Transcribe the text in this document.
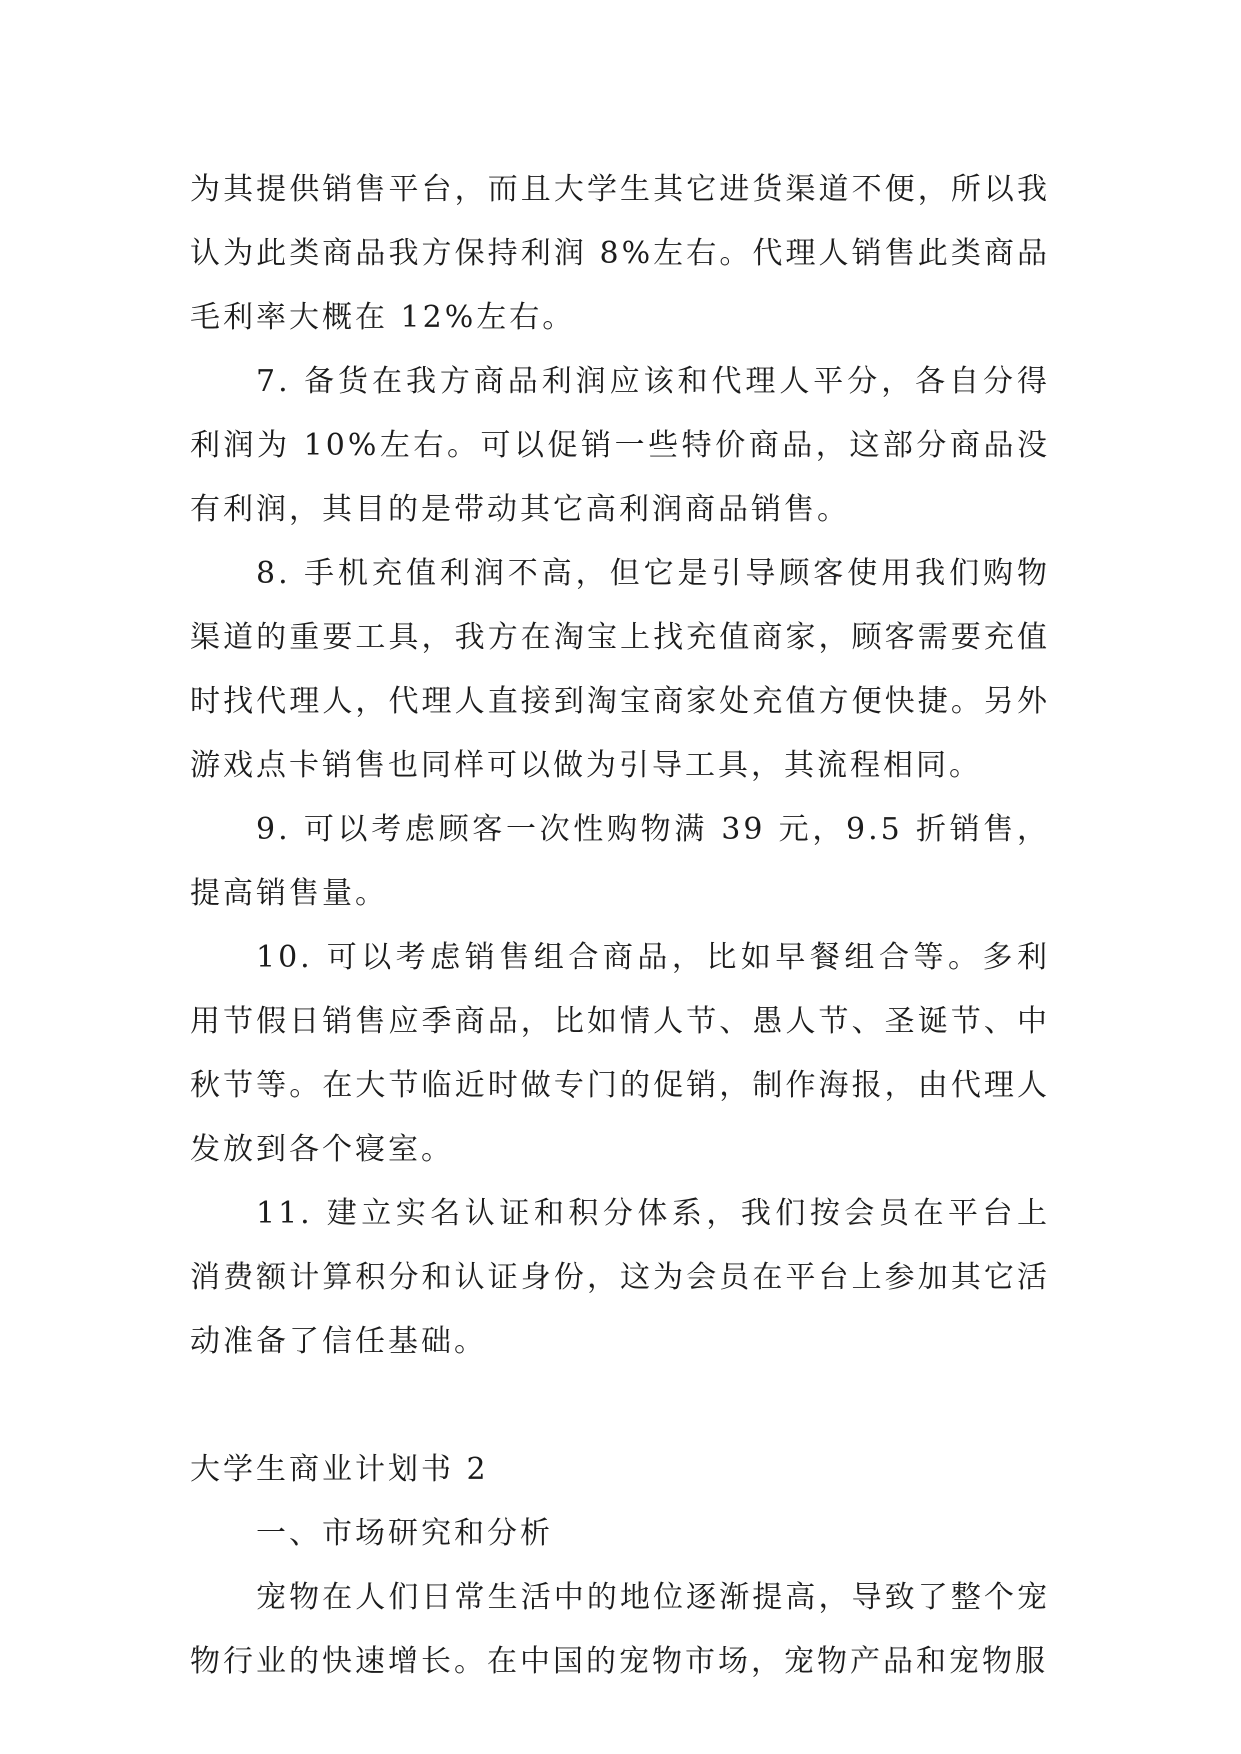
为其提供销售平台，而且大学生其它进货渠道不便，所以我认为此类商品我方保持利润 8%左右。代理人销售此类商品毛利率大概在 12%左右。

7. 备货在我方商品利润应该和代理人平分，各自分得利润为 10%左右。可以促销一些特价商品，这部分商品没有利润，其目的是带动其它高利润商品销售。

8. 手机充值利润不高，但它是引导顾客使用我们购物渠道的重要工具，我方在淘宝上找充值商家，顾客需要充值时找代理人，代理人直接到淘宝商家处充值方便快捷。另外游戏点卡销售也同样可以做为引导工具，其流程相同。

9. 可以考虑顾客一次性购物满 39 元，9.5 折销售，提高销售量。

10. 可以考虑销售组合商品，比如早餐组合等。多利用节假日销售应季商品，比如情人节、愚人节、圣诞节、中秋节等。在大节临近时做专门的促销，制作海报，由代理人发放到各个寝室。

11. 建立实名认证和积分体系，我们按会员在平台上消费额计算积分和认证身份，这为会员在平台上参加其它活动准备了信任基础。

大学生商业计划书 2

一、市场研究和分析

宠物在人们日常生活中的地位逐渐提高，导致了整个宠物行业的快速增长。在中国的宠物市场，宠物产品和宠物服
